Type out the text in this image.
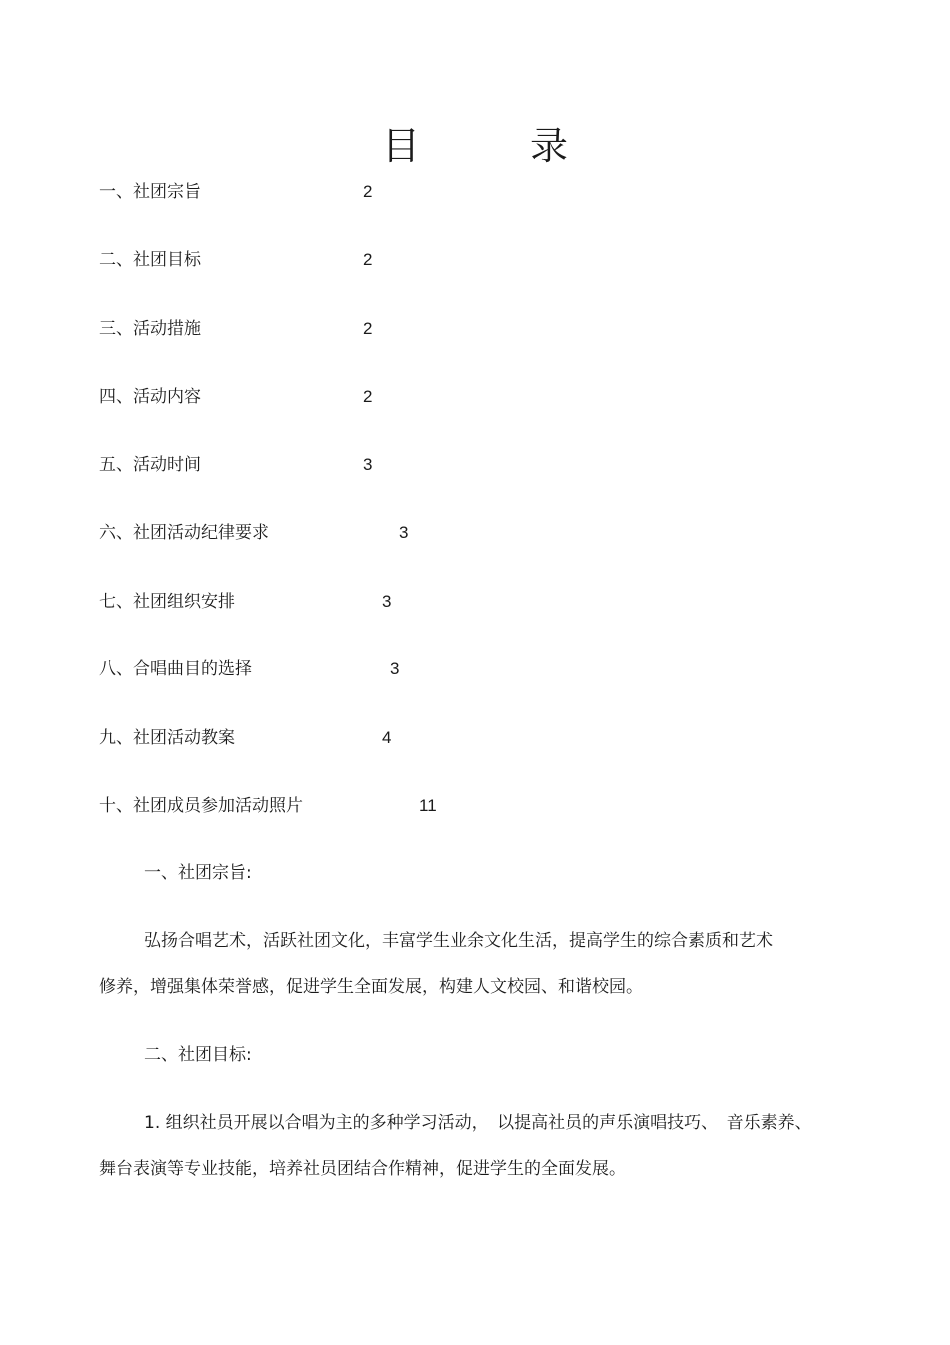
目　录
一、社团宗旨	2
二、社团目标	2
三、活动措施	2
四、活动内容	2
五、活动时间	3
六、社团活动纪律要求	3
七、社团组织安排	3
八、合唱曲目的选择	3
九、社团活动教案	4
十、社团成员参加活动照片	11
一、社团宗旨:
弘扬合唱艺术，活跃社团文化，丰富学生业余文化生活，提高学生的综合素质和艺术
修养，增强集体荣誉感，促进学生全面发展，构建人文校园、和谐校园。
二、社团目标:
1. 组织社员开展以合唱为主的多种学习活动，　以提高社员的声乐演唱技巧、　音乐素养、
舞台表演等专业技能，培养社员团结合作精神，促进学生的全面发展。
